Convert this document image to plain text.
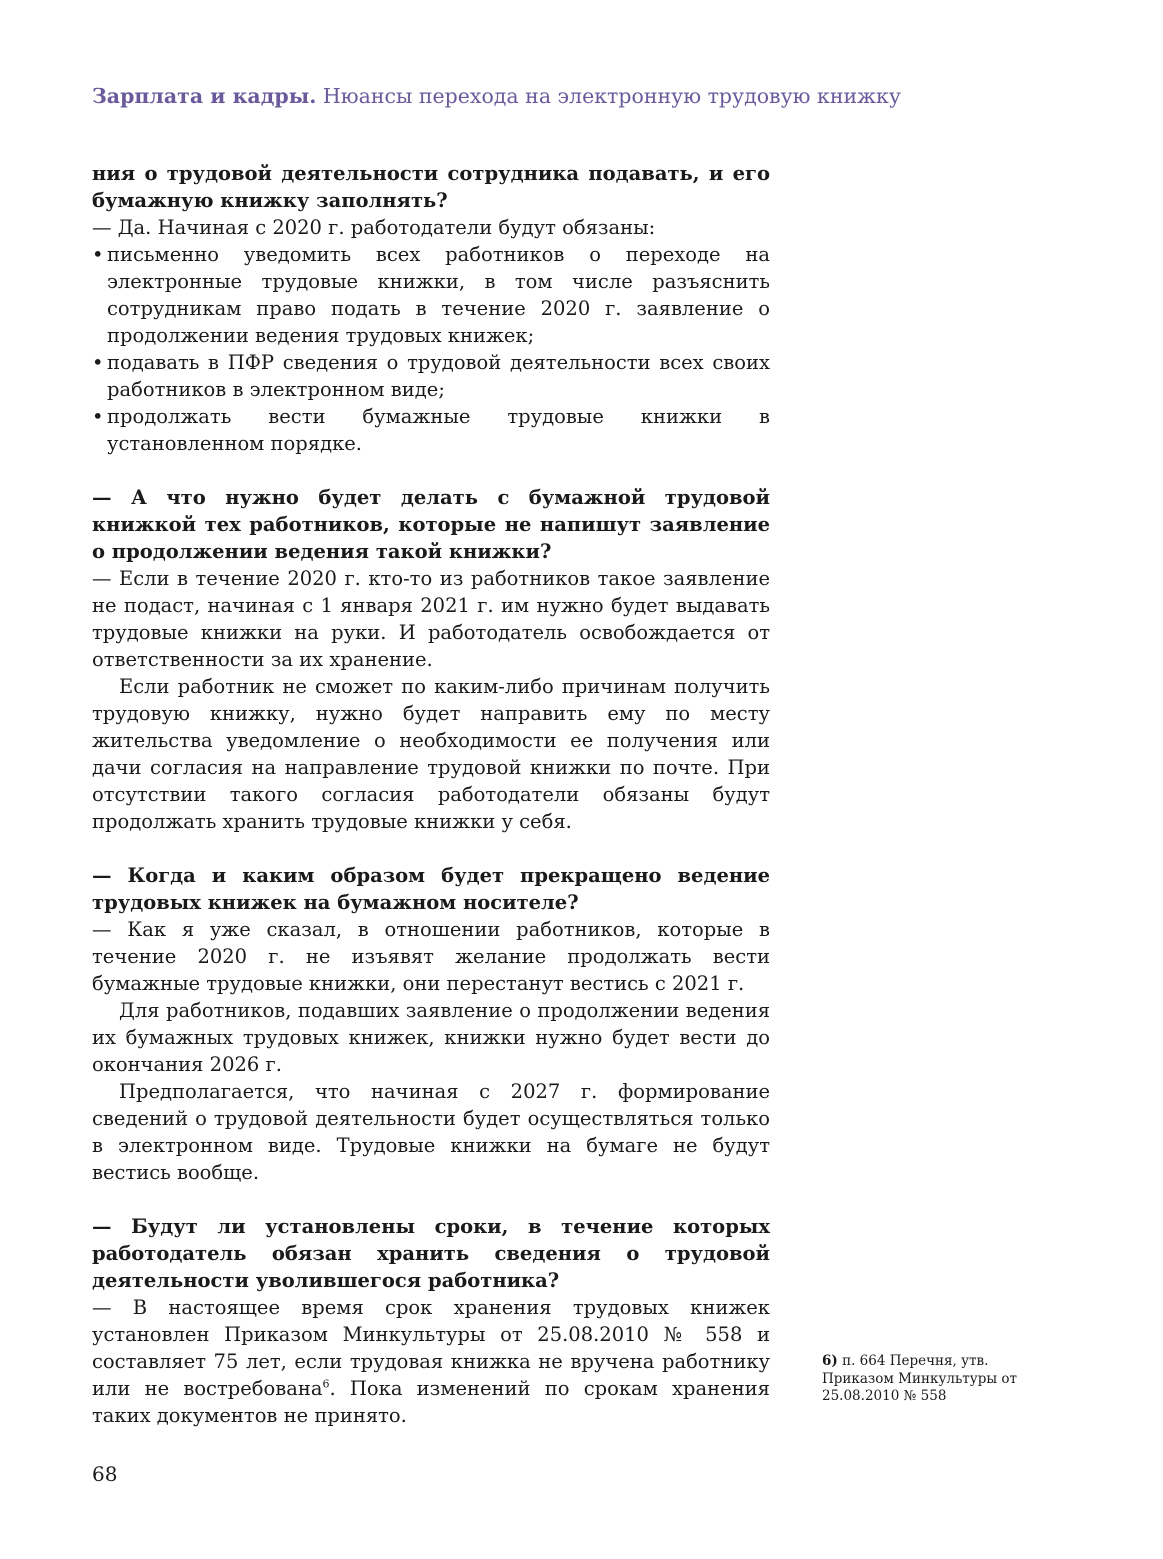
Зарплата и кадры. Нюансы перехода на электронную трудовую книжку

ния о трудовой деятельности сотрудника подавать, и его бумажную книжку заполнять?

— Да. Начиная с 2020 г. работодатели будут обязаны:

• письменно уведомить всех работников о переходе на электронные трудовые книжки, в том числе разъяснить сотрудникам право подать в течение 2020 г. заявление о продолжении ведения трудовых книжек;
• подавать в ПФР сведения о трудовой деятельности всех своих работников в электронном виде;
• продолжать вести бумажные трудовые книжки в установленном порядке.

— А что нужно будет делать с бумажной трудовой книжкой тех работников, которые не напишут заявление о продолжении ведения такой книжки?

— Если в течение 2020 г. кто-то из работников такое заявление не подаст, начиная с 1 января 2021 г. им нужно будет выдавать трудовые книжки на руки. И работодатель освобождается от ответственности за их хранение.

Если работник не сможет по каким-либо причинам получить трудовую книжку, нужно будет направить ему по месту жительства уведомление о необходимости ее получения или дачи согласия на направление трудовой книжки по почте. При отсутствии такого согласия работодатели обязаны будут продолжать хранить трудовые книжки у себя.

— Когда и каким образом будет прекращено ведение трудовых книжек на бумажном носителе?

— Как я уже сказал, в отношении работников, которые в течение 2020 г. не изъявят желание продолжать вести бумажные трудовые книжки, они перестанут вестись с 2021 г.

Для работников, подавших заявление о продолжении ведения их бумажных трудовых книжек, книжки нужно будет вести до окончания 2026 г.

Предполагается, что начиная с 2027 г. формирование сведений о трудовой деятельности будет осуществляться только в электронном виде. Трудовые книжки на бумаге не будут вестись вообще.

— Будут ли установлены сроки, в течение которых работодатель обязан хранить сведения о трудовой деятельности уволившегося работника?

— В настоящее время срок хранения трудовых книжек установлен Приказом Минкультуры от 25.08.2010 № 558 и составляет 75 лет, если трудовая книжка не вручена работнику или не востребована$^6$. Пока изменений по срокам хранения таких документов не принято.

6) п. 664 Перечня, утв. Приказом Минкультуры от 25.08.2010 № 558
68
